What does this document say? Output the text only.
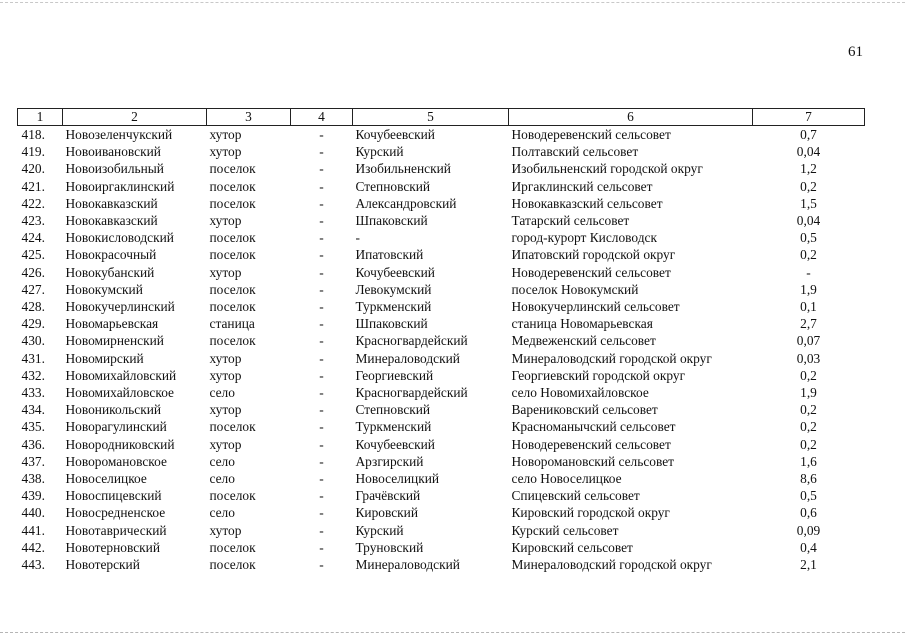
61
1	2	3	4	5	6	7
418.	Новозеленчукский	хутор	-	Кочубеевский	Новодеревенский сельсовет	0,7
419.	Новоивановский	хутор	-	Курский	Полтавский сельсовет	0,04
420.	Новоизобильный	поселок	-	Изобильненский	Изобильненский городской округ	1,2
421.	Новоиргаклинский	поселок	-	Степновский	Иргаклинский сельсовет	0,2
422.	Новокавказский	поселок	-	Александровский	Новокавказский сельсовет	1,5
423.	Новокавказский	хутор	-	Шпаковский	Татарский сельсовет	0,04
424.	Новокисловодский	поселок	-	-	город-курорт Кисловодск	0,5
425.	Новокрасочный	поселок	-	Ипатовский	Ипатовский городской округ	0,2
426.	Новокубанский	хутор	-	Кочубеевский	Новодеревенский сельсовет	-
427.	Новокумский	поселок	-	Левокумский	поселок Новокумский	1,9
428.	Новокучерлинский	поселок	-	Туркменский	Новокучерлинский сельсовет	0,1
429.	Новомарьевская	станица	-	Шпаковский	станица Новомарьевская	2,7
430.	Новомирненский	поселок	-	Красногвардейский	Медвеженский сельсовет	0,07
431.	Новомирский	хутор	-	Минераловодский	Минераловодский городской округ	0,03
432.	Новомихайловский	хутор	-	Георгиевский	Георгиевский городской округ	0,2
433.	Новомихайловское	село	-	Красногвардейский	село Новомихайловское	1,9
434.	Новоникольский	хутор	-	Степновский	Варениковский сельсовет	0,2
435.	Новорагулинский	поселок	-	Туркменский	Красноманычский сельсовет	0,2
436.	Новородниковский	хутор	-	Кочубеевский	Новодеревенский сельсовет	0,2
437.	Новоромановское	село	-	Арзгирский	Новоромановский сельсовет	1,6
438.	Новоселицкое	село	-	Новоселицкий	село Новоселицкое	8,6
439.	Новоспицевский	поселок	-	Грачёвский	Спицевский сельсовет	0,5
440.	Новосредненское	село	-	Кировский	Кировский городской округ	0,6
441.	Новотаврический	хутор	-	Курский	Курский сельсовет	0,09
442.	Новотерновский	поселок	-	Труновский	Кировский сельсовет	0,4
443.	Новотерский	поселок	-	Минераловодский	Минераловодский городской округ	2,1
